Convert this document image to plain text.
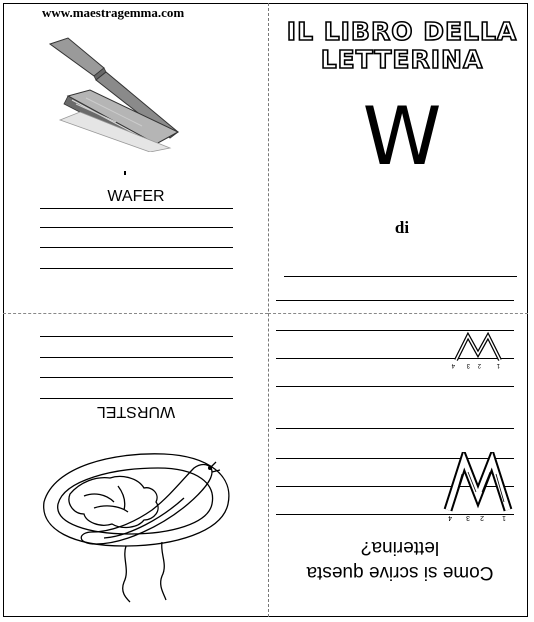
www.maestragemma.com
IL LIBRO DELLA
LETTERINA
W
di
4 3 2	1
4 3 2	1
Come si scrive questa
letterina?
WAFER
WURSTEL
